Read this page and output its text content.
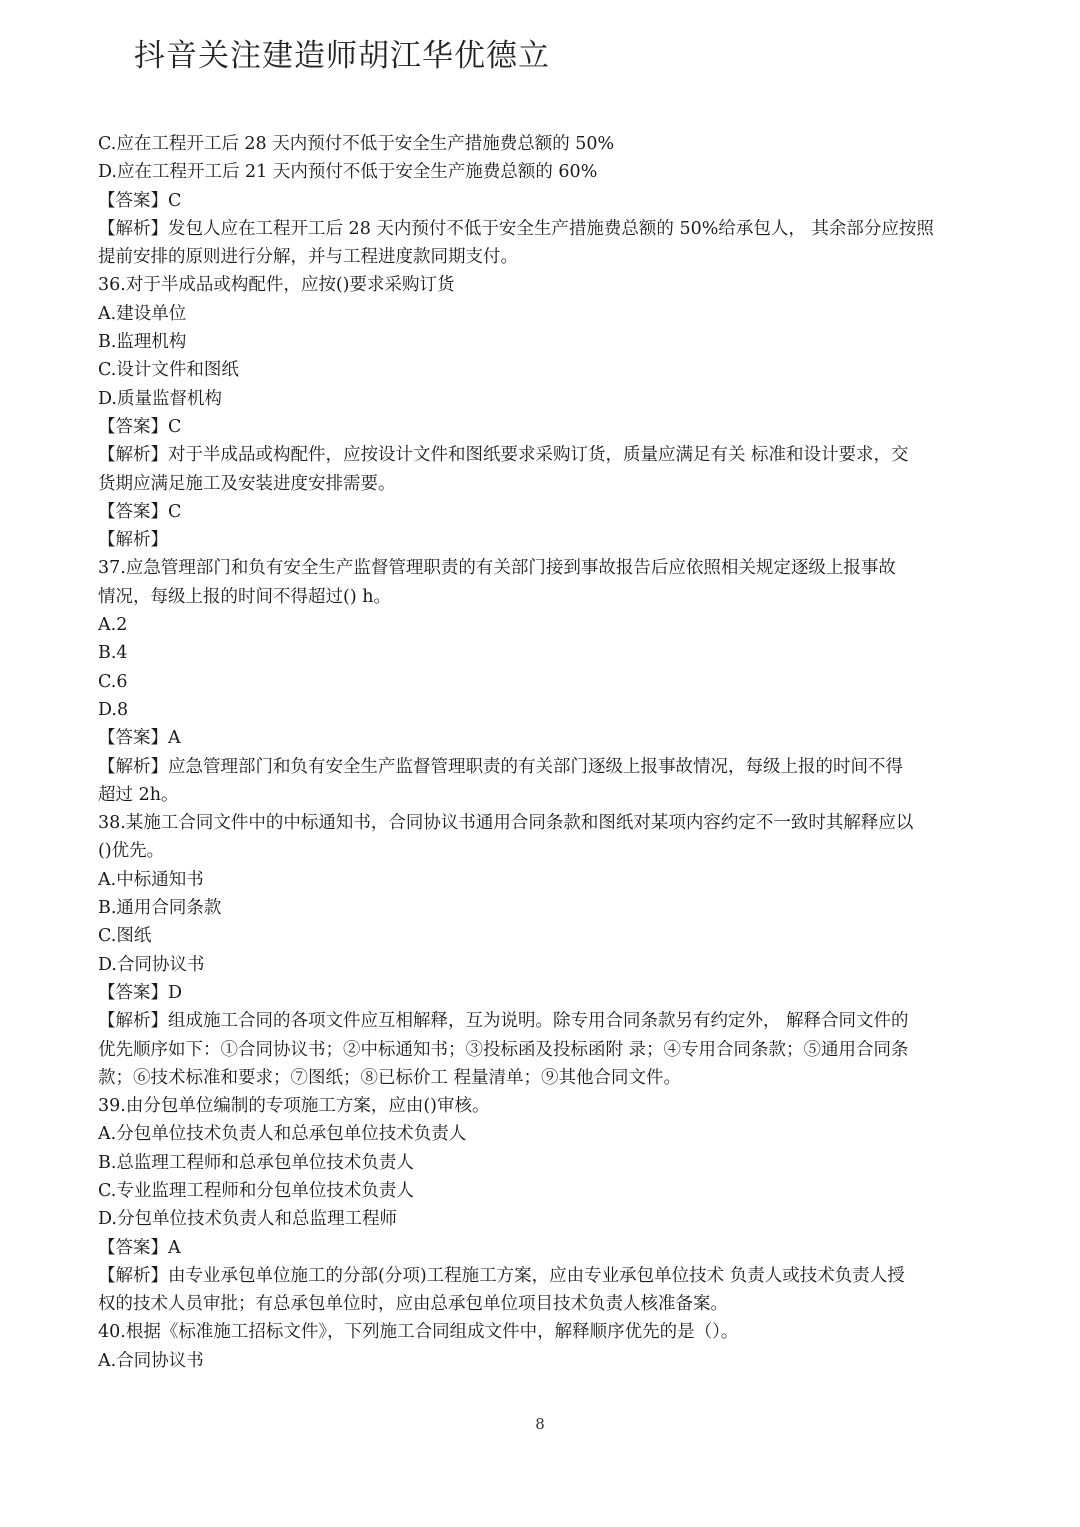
抖音关注建造师胡江华优德立
C.应在工程开工后 28 天内预付不低于安全生产措施费总额的 50%
D.应在工程开工后 21 天内预付不低于安全生产施费总额的 60%
【答案】C
【解析】发包人应在工程开工后 28 天内预付不低于安全生产措施费总额的 50%给承包人， 其余部分应按照
提前安排的原则进行分解，并与工程进度款同期支付。
36.对于半成品或构配件，应按()要求采购订货
A.建设单位
B.监理机构
C.设计文件和图纸
D.质量监督机构
【答案】C
【解析】对于半成品或构配件，应按设计文件和图纸要求采购订货，质量应满足有关 标准和设计要求，交
货期应满足施工及安装进度安排需要。
【答案】C
【解析】
37.应急管理部门和负有安全生产监督管理职责的有关部门接到事故报告后应依照相关规定逐级上报事故
情况，每级上报的时间不得超过() h。
A.2
B.4
C.6
D.8
【答案】A
【解析】应急管理部门和负有安全生产监督管理职责的有关部门逐级上报事故情况，每级上报的时间不得
超过 2h。
38.某施工合同文件中的中标通知书，合同协议书通用合同条款和图纸对某项内容约定不一致时其解释应以
()优先。
A.中标通知书
B.通用合同条款
C.图纸
D.合同协议书
【答案】D
【解析】组成施工合同的各项文件应互相解释，互为说明。除专用合同条款另有约定外， 解释合同文件的
优先顺序如下：①合同协议书；②中标通知书；③投标函及投标函附 录；④专用合同条款；⑤通用合同条
款；⑥技术标准和要求；⑦图纸；⑧已标价工 程量清单；⑨其他合同文件。
39.由分包单位编制的专项施工方案，应由()审核。
A.分包单位技术负责人和总承包单位技术负责人
B.总监理工程师和总承包单位技术负责人
C.专业监理工程师和分包单位技术负责人
D.分包单位技术负责人和总监理工程师
【答案】A
【解析】由专业承包单位施工的分部(分项)工程施工方案，应由专业承包单位技术 负责人或技术负责人授
权的技术人员审批；有总承包单位时，应由总承包单位项目技术负责人核准备案。
40.根据《标准施工招标文件》，下列施工合同组成文件中，解释顺序优先的是（）。
A.合同协议书
8
